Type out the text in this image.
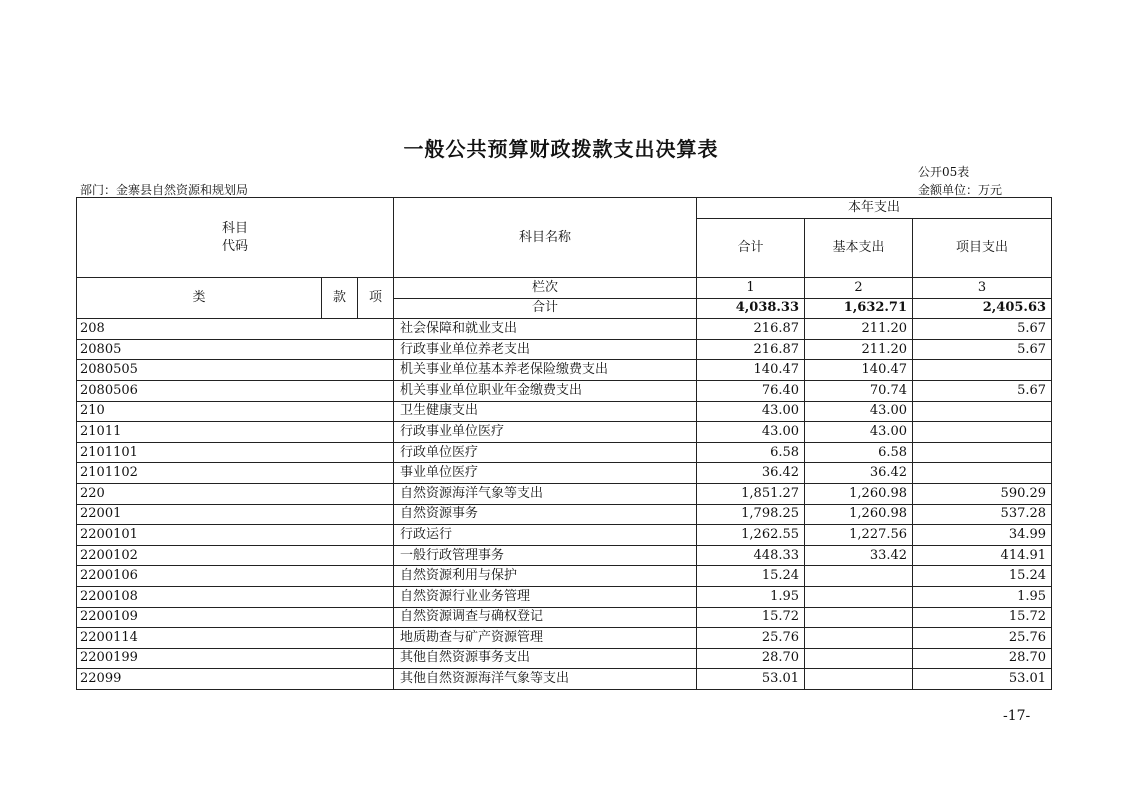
一般公共预算财政拨款支出决算表
公开05表
部门：金寨县自然资源和规划局	金额单位：万元
科目
代码			科目名称	本年支出		
				合计	基本支出	项目支出
类	款	项	栏次	1	2	3
			合计	4,038.33	1,632.71	2,405.63
208			社会保障和就业支出	216.87	211.20	5.67
20805			行政事业单位养老支出	216.87	211.20	5.67
2080505			机关事业单位基本养老保险缴费支出	140.47	140.47	
2080506			机关事业单位职业年金缴费支出	76.40	70.74	5.67
210			卫生健康支出	43.00	43.00	
21011			行政事业单位医疗	43.00	43.00	
2101101			行政单位医疗	6.58	6.58	
2101102			事业单位医疗	36.42	36.42	
220			自然资源海洋气象等支出	1,851.27	1,260.98	590.29
22001			自然资源事务	1,798.25	1,260.98	537.28
2200101			行政运行	1,262.55	1,227.56	34.99
2200102			一般行政管理事务	448.33	33.42	414.91
2200106			自然资源利用与保护	15.24		15.24
2200108			自然资源行业业务管理	1.95		1.95
2200109			自然资源调查与确权登记	15.72		15.72
2200114			地质勘查与矿产资源管理	25.76		25.76
2200199			其他自然资源事务支出	28.70		28.70
22099			其他自然资源海洋气象等支出	53.01		53.01
-17-
